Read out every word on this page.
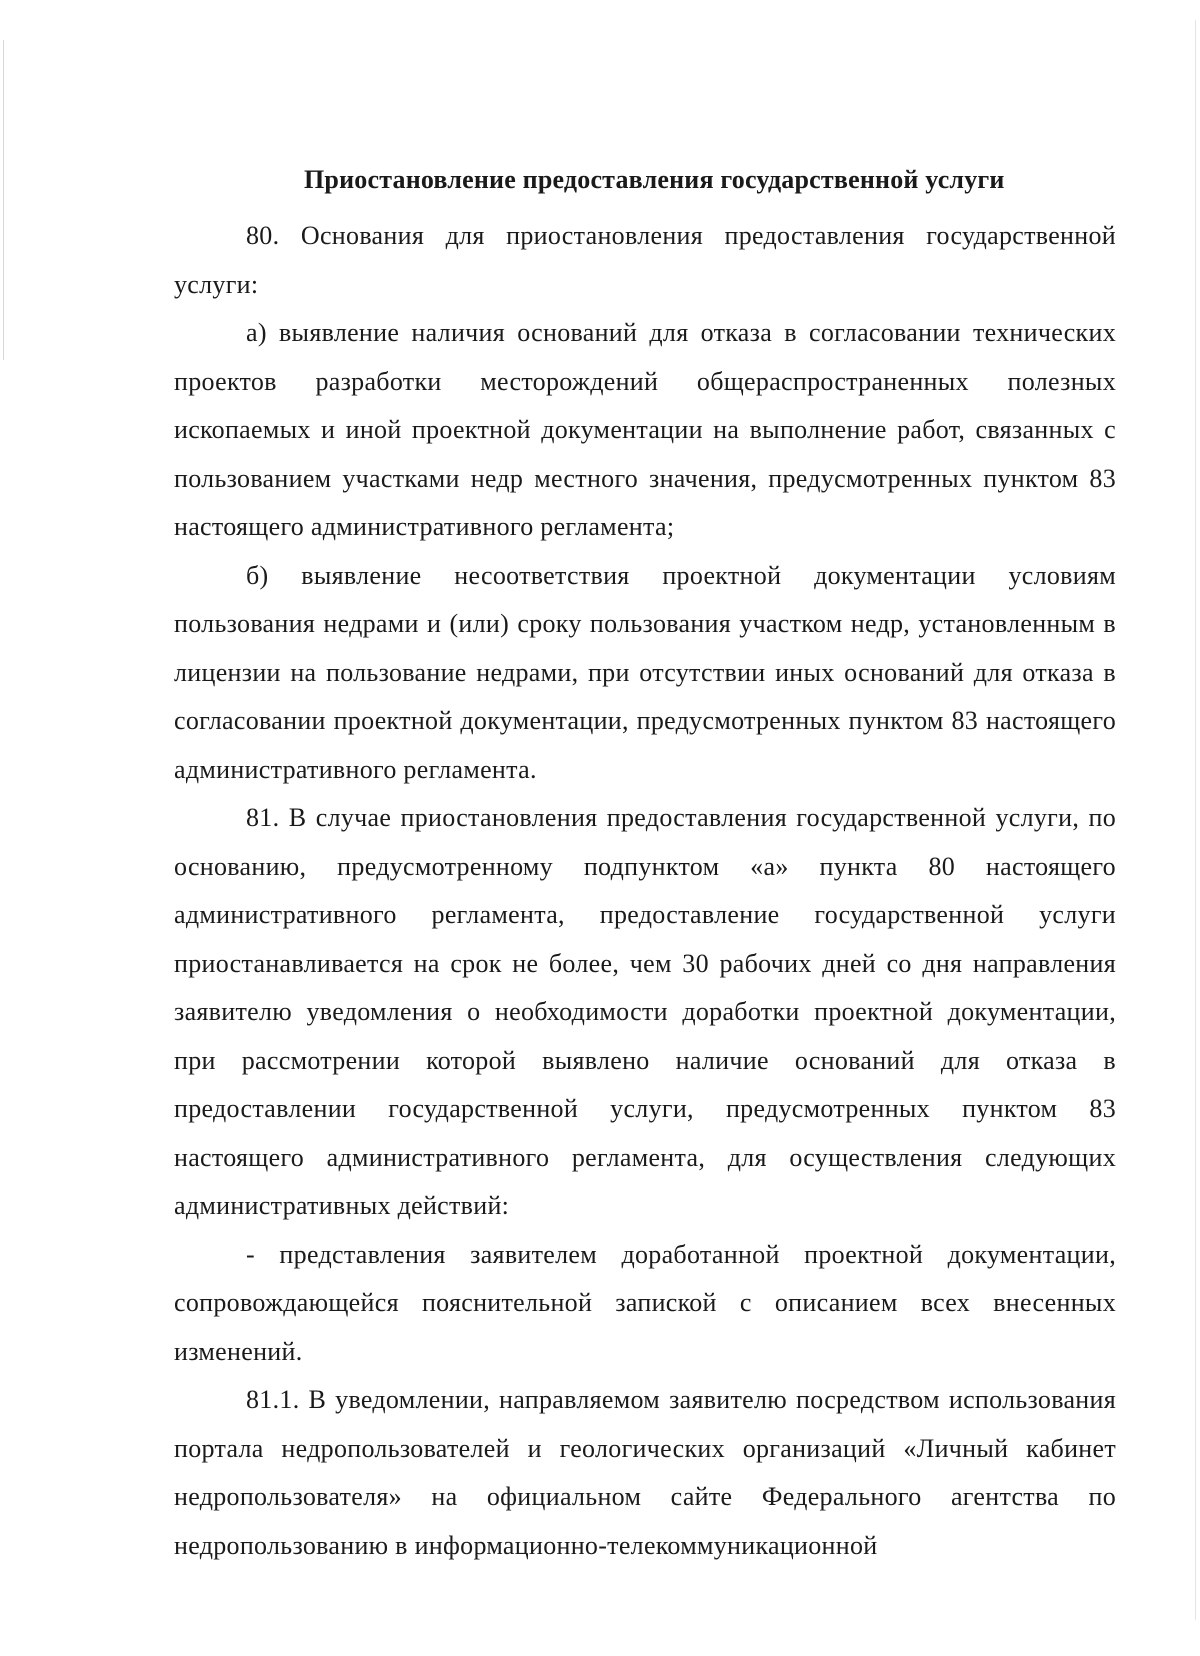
Приостановление предоставления государственной услуги

80. Основания для приостановления предоставления государственной услуги:

а) выявление наличия оснований для отказа в согласовании технических проектов разработки месторождений общераспространенных полезных ископаемых и иной проектной документации на выполнение работ, связанных с пользованием участками недр местного значения, предусмотренных пунктом 83 настоящего административного регламента;

б) выявление несоответствия проектной документации условиям пользования недрами и (или) сроку пользования участком недр, установленным в лицензии на пользование недрами, при отсутствии иных оснований для отказа в согласовании проектной документации, предусмотренных пунктом 83 настоящего административного регламента.

81. В случае приостановления предоставления государственной услуги, по основанию, предусмотренному подпунктом «а» пункта 80 настоящего административного регламента, предоставление государственной услуги приостанавливается на срок не более, чем 30 рабочих дней со дня направления заявителю уведомления о необходимости доработки проектной документации, при рассмотрении которой выявлено наличие оснований для отказа в предоставлении государственной услуги, предусмотренных пунктом 83 настоящего административного регламента, для осуществления следующих административных действий:

- представления заявителем доработанной проектной документации, сопровождающейся пояснительной запиской с описанием всех внесенных изменений.

81.1. В уведомлении, направляемом заявителю посредством использования портала недропользователей и геологических организаций «Личный кабинет недропользователя» на официальном сайте Федерального агентства по недропользованию в информационно-телекоммуникационной
